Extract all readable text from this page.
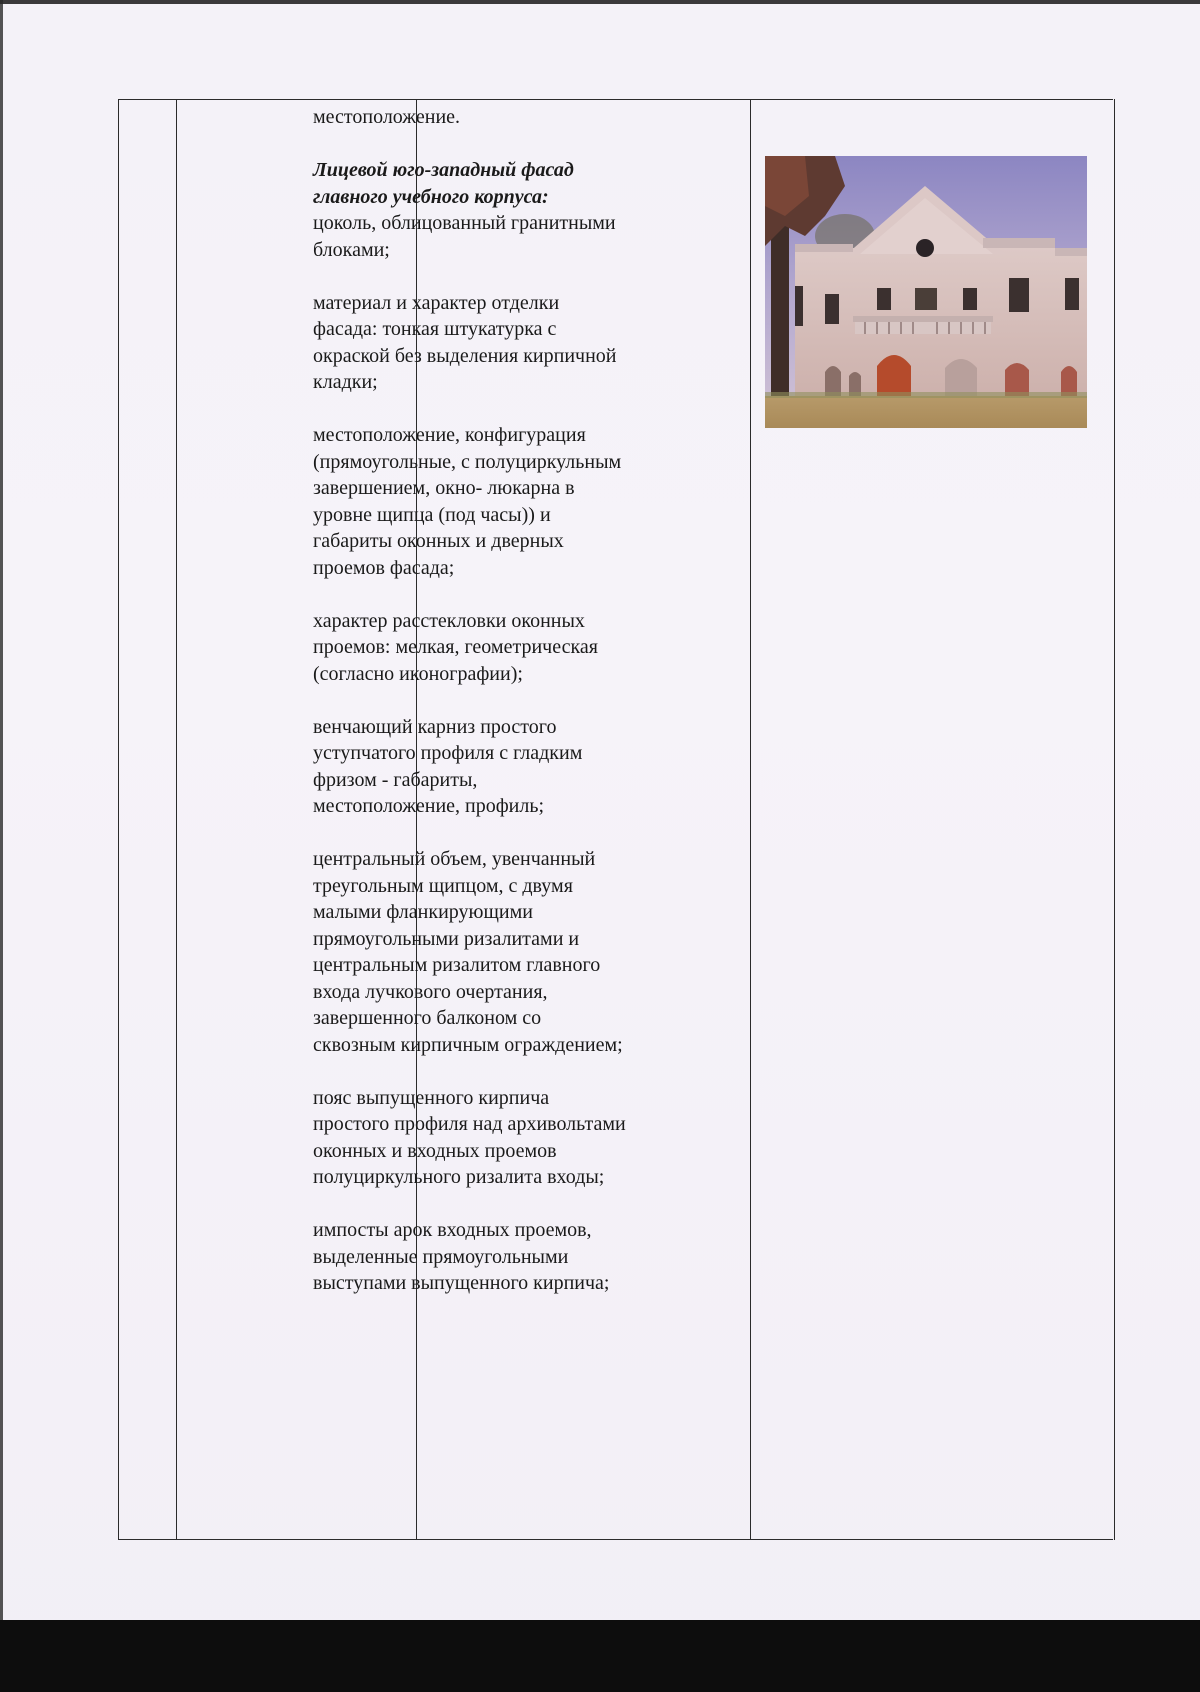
местоположение.

Лицевой юго-западный фасад главного учебного корпуса:

цоколь, облицованный гранитными блоками;

материал и характер отделки фасада: тонкая штукатурка с окраской без выделения кирпичной кладки;

местоположение, конфигурация (прямоугольные, с полуциркульным завершением, окно- люкарна в уровне щипца (под часы)) и габариты оконных и дверных проемов фасада;

характер расстекловки оконных проемов: мелкая, геометрическая (согласно иконографии);

венчающий карниз простого уступчатого профиля с гладким фризом - габариты, местоположение, профиль;

центральный объем, увенчанный треугольным щипцом, с двумя малыми фланкирующими прямоугольными ризалитами и центральным ризалитом главного входа лучкового очертания, завершенного балконом со сквозным кирпичным ограждением;

пояс выпущенного кирпича простого профиля над архивольтами оконных и входных проемов полуциркульного ризалита входы;

импосты арок входных проемов, выделенные прямоугольными выступами выпущенного кирпича;
